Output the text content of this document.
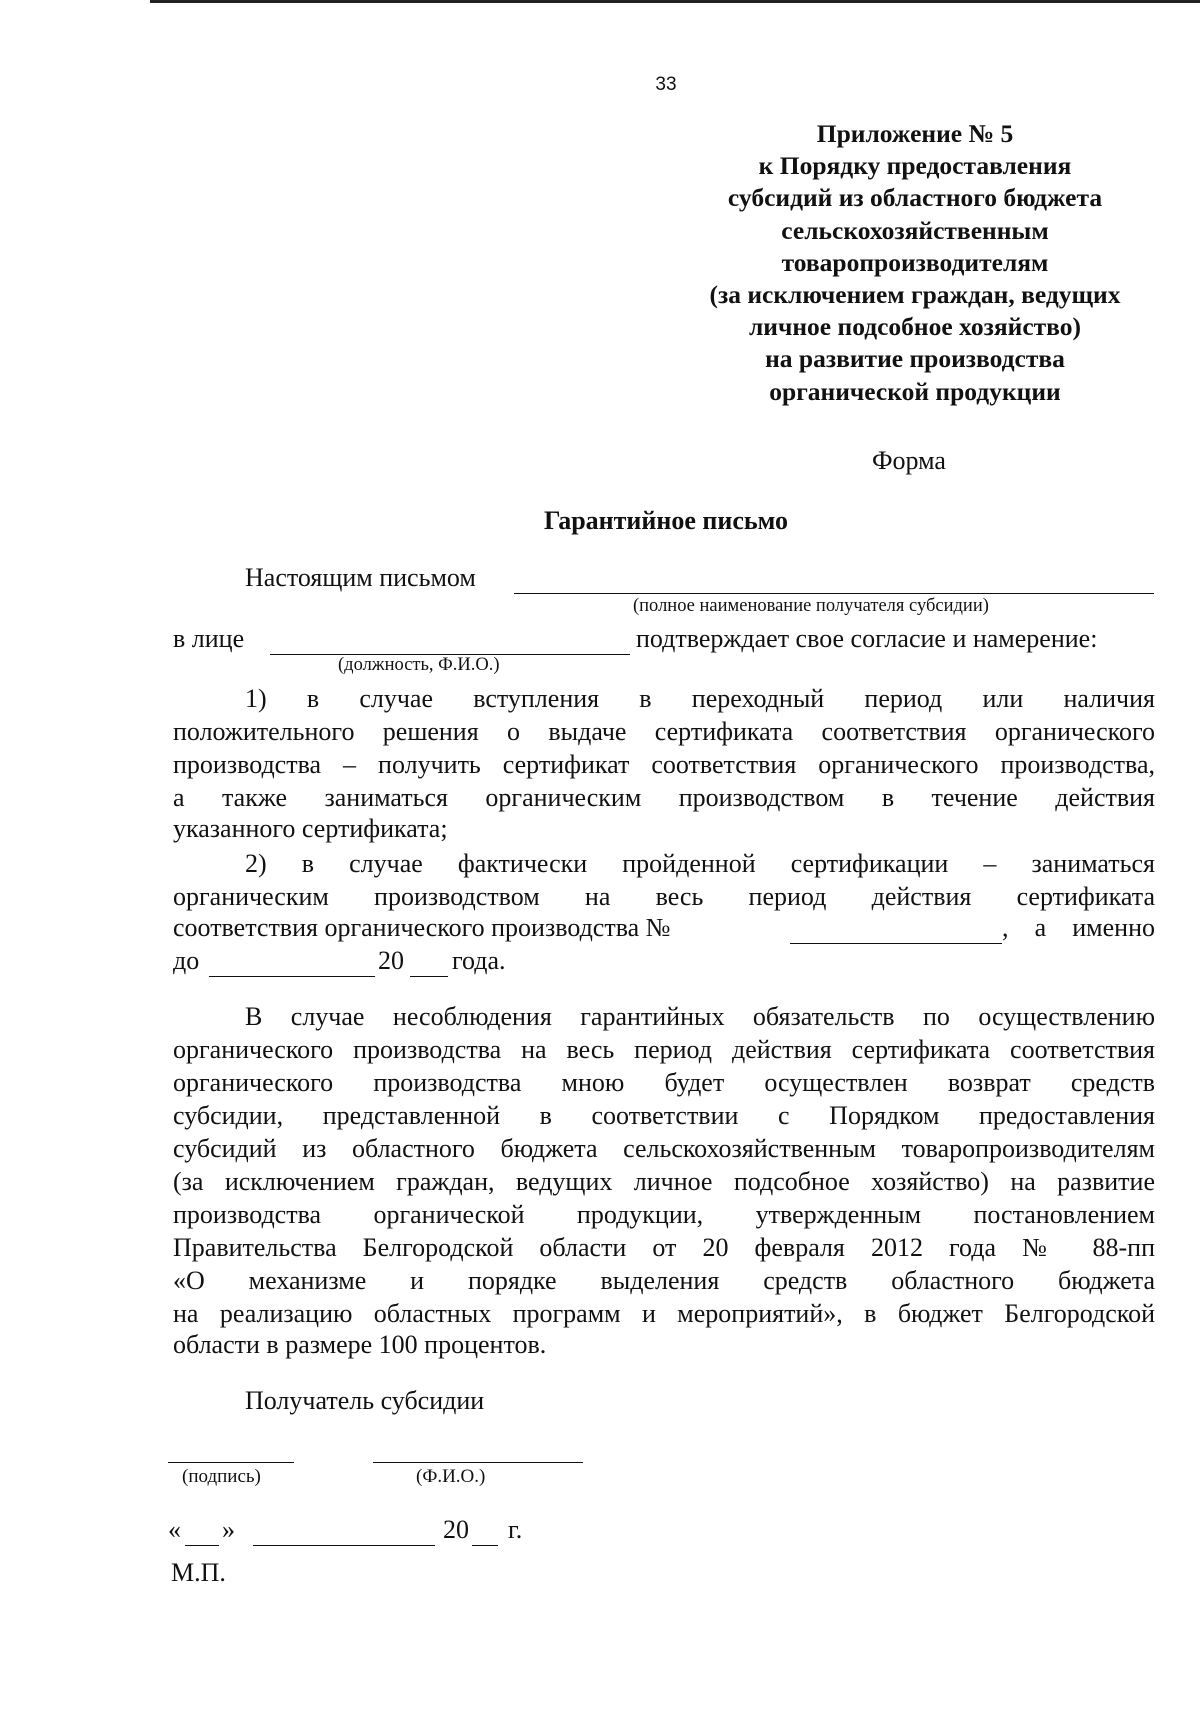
33
Приложение № 5
к Порядку предоставления
субсидий из областного бюджета
сельскохозяйственным
товаропроизводителям
(за исключением граждан, ведущих
личное подсобное хозяйство)
на развитие производства
органической продукции
Форма
Гарантийное письмо
Настоящим письмом
(полное наименование получателя субсидии)
в лице	подтверждает свое согласие и намерение:
(должность, Ф.И.О.)
1) в случае вступления в переходный период или наличия
положительного решения о выдаче сертификата соответствия органического
производства – получить сертификат соответствия органического производства,
а также заниматься органическим производством в течение действия
указанного сертификата;
2) в случае фактически пройденной сертификации – заниматься
органическим производством на весь период действия сертификата
соответствия органического производства №	, а именно
до	20 года.
В случае несоблюдения гарантийных обязательств по осуществлению
органического производства на весь период действия сертификата соответствия
органического производства мною будет осуществлен возврат средств
субсидии, представленной в соответствии с Порядком предоставления
субсидий из областного бюджета сельскохозяйственным товаропроизводителям
(за исключением граждан, ведущих личное подсобное хозяйство) на развитие
производства органической продукции, утвержденным постановлением
Правительства Белгородской области от 20 февраля 2012 года № 88-пп
«О механизме и порядке выделения средств областного бюджета
на реализацию областных программ и мероприятий», в бюджет Белгородской
области в размере 100 процентов.
Получатель субсидии
(подпись)	(Ф.И.О.)
« »	20 г.
М.П.
